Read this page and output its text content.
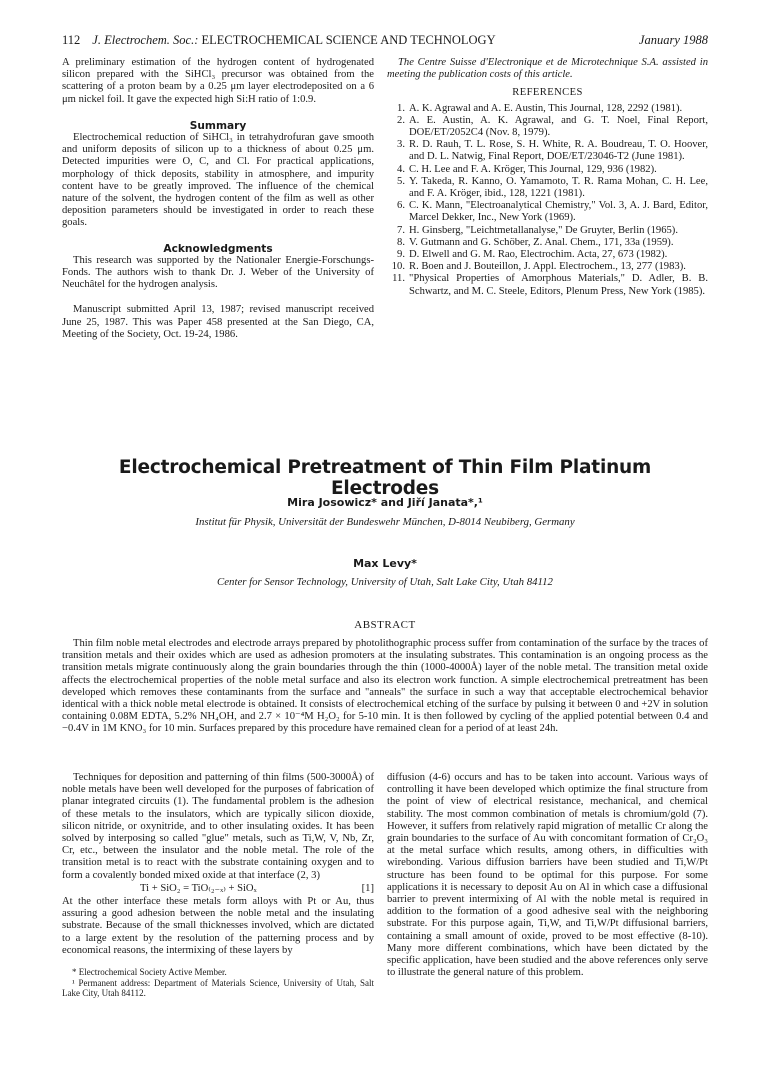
112 J. Electrochem. Soc.: ELECTROCHEMICAL SCIENCE AND TECHNOLOGY	January 1988

A preliminary estimation of the hydrogen content of hydrogenated silicon prepared with the SiHCl₃ precursor was obtained from the scattering of a proton beam by a 0.25 μm layer electrodeposited on a 6 μm nickel foil. It gave the expected high Si:H ratio of 1:0.9.

Summary

Electrochemical reduction of SiHCl₃ in tetrahydrofuran gave smooth and uniform deposits of silicon up to a thickness of about 0.25 μm. Detected impurities were O, C, and Cl. For practical applications, morphology of thick deposits, stability in atmosphere, and impurity content have to be greatly improved. The influence of the chemical nature of the solvent, the hydrogen content of the film as well as other deposition parameters should be investigated in order to reach these goals.

Acknowledgments

This research was supported by the Nationaler Energie-Forschungs-Fonds. The authors wish to thank Dr. J. Weber of the University of Neuchâtel for the hydrogen analysis.

Manuscript submitted April 13, 1987; revised manuscript received June 25, 1987. This was Paper 458 presented at the San Diego, CA, Meeting of the Society, Oct. 19-24, 1986.

The Centre Suisse d'Electronique et de Microtechnique S.A. assisted in meeting the publication costs of this article.

REFERENCES
1. A. K. Agrawal and A. E. Austin, This Journal, 128, 2292 (1981).
2. A. E. Austin, A. K. Agrawal, and G. T. Noel, Final Report, DOE/ET/2052C4 (Nov. 8, 1979).
3. R. D. Rauh, T. L. Rose, S. H. White, R. A. Boudreau, T. O. Hoover, and D. L. Natwig, Final Report, DOE/ET/23046-T2 (June 1981).
4. C. H. Lee and F. A. Kröger, This Journal, 129, 936 (1982).
5. Y. Takeda, R. Kanno, O. Yamamoto, T. R. Rama Mohan, C. H. Lee, and F. A. Kröger, ibid., 128, 1221 (1981).
6. C. K. Mann, "Electroanalytical Chemistry," Vol. 3, A. J. Bard, Editor, Marcel Dekker, Inc., New York (1969).
7. H. Ginsberg, "Leichtmetallanalyse," De Gruyter, Berlin (1965).
8. V. Gutmann and G. Schöber, Z. Anal. Chem., 171, 33a (1959).
9. D. Elwell and G. M. Rao, Electrochim. Acta, 27, 673 (1982).
10. R. Boen and J. Bouteillon, J. Appl. Electrochem., 13, 277 (1983).
11. "Physical Properties of Amorphous Materials," D. Adler, B. B. Schwartz, and M. C. Steele, Editors, Plenum Press, New York (1985).
Electrochemical Pretreatment of Thin Film Platinum Electrodes
Mira Josowicz* and Jiří Janata*,¹
Institut für Physik, Universität der Bundeswehr München, D-8014 Neubiberg, Germany
Max Levy*
Center for Sensor Technology, University of Utah, Salt Lake City, Utah 84112
ABSTRACT

Thin film noble metal electrodes and electrode arrays prepared by photolithographic process suffer from contamination of the surface by the traces of transition metals and their oxides which are used as adhesion promoters at the insulating substrates. This contamination is an ongoing process as the transition metals migrate continuously along the grain boundaries through the thin (1000-4000Å) layer of the noble metal. The transition metal oxide affects the electrochemical properties of the noble metal surface and also its electron work function. A simple electrochemical pretreatment has been developed which removes these contaminants from the surface and "anneals" the surface in such a way that acceptable electrochemical behavior identical with a thick noble metal electrode is obtained. It consists of electrochemical etching of the surface by pulsing it between 0 and +2V in solution containing 0.08M EDTA, 5.2% NH₄OH, and 2.7 × 10⁻⁴M H₂O₂ for 5-10 min. It is then followed by cycling of the applied potential between 0.4 and −0.4V in 1M KNO₃ for 10 min. Surfaces prepared by this procedure have remained clean for a period of at least 24h.

Techniques for deposition and patterning of thin films (500-3000Å) of noble metals have been well developed for the purposes of fabrication of planar integrated circuits (1). The fundamental problem is the adhesion of these metals to the insulators, which are typically silicon dioxide, silicon nitride, or oxynitride, and to other insulating oxides. It has been solved by interposing so called "glue" metals, such as Ti,W, V, Nb, Zr, Cr, etc., between the insulator and the noble metal. The role of the transition metal is to react with the substrate containing oxygen and to form a covalently bonded mixed oxide at that interface (2, 3)

Ti + SiO₂ = TiO₍₂₋ₓ₎ + SiOₓ	[1]

At the other interface these metals form alloys with Pt or Au, thus assuring a good adhesion between the noble metal and the insulating substrate. Because of the small thicknesses involved, which are dictated to a large extent by the resolution of the patterning process and by economical reasons, the intermixing of these layers by

* Electrochemical Society Active Member.

¹ Permanent address: Department of Materials Science, University of Utah, Salt Lake City, Utah 84112.

diffusion (4-6) occurs and has to be taken into account. Various ways of controlling it have been developed which optimize the final structure from the point of view of electrical resistance, mechanical, and chemical stability. The most common combination of metals is chromium/gold (7). However, it suffers from relatively rapid migration of metallic Cr along the grain boundaries to the surface of Au with concomitant formation of Cr₂O₃ at the metal surface which results, among others, in difficulties with wirebonding. Various diffusion barriers have been studied and Ti,W/Pt structure has been found to be optimal for this purpose. For some applications it is necessary to deposit Au on Al in which case a diffusional barrier to prevent intermixing of Al with the noble metal is required in addition to the formation of a good adhesive seal with the neighboring substrate. For this purpose again, Ti,W, and Ti,W/Pt diffusional barriers, containing a small amount of oxide, proved to be most effective (8-10). Many more different combinations, which have been dictated by the specific application, have been studied and the above references only serve to illustrate the general nature of this problem.
